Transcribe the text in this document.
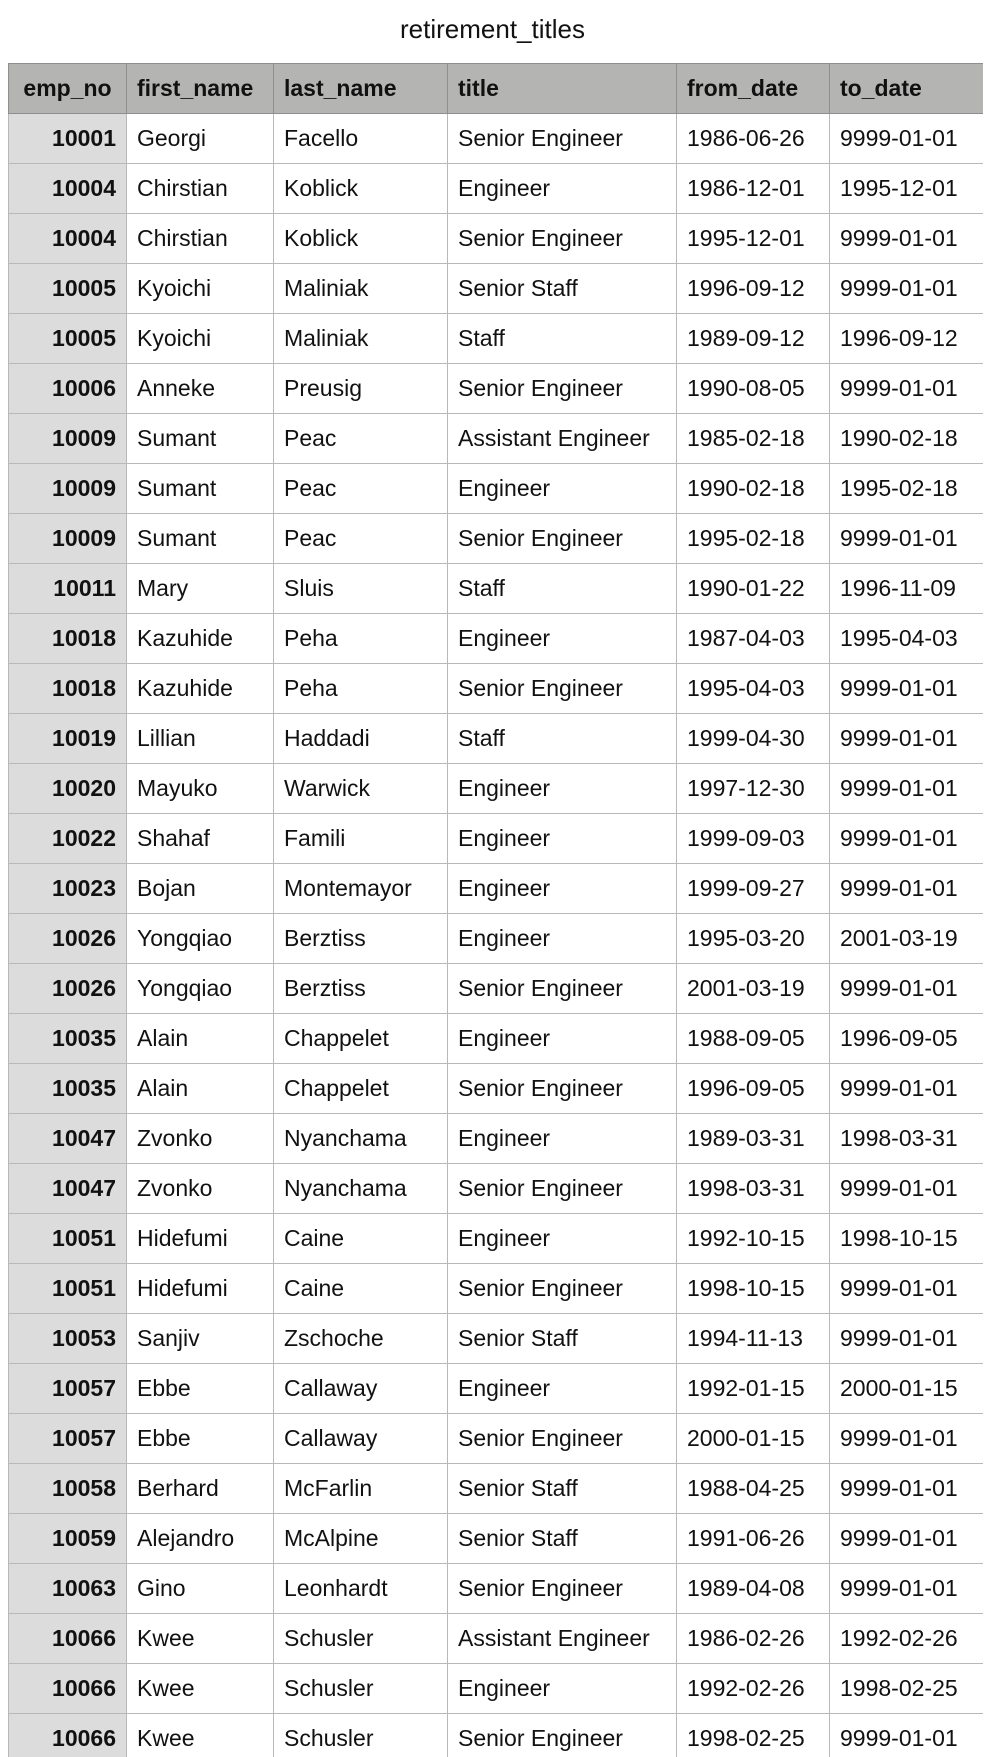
retirement_titles
emp_no	first_name	last_name	title	from_date	to_date
10001	Georgi	Facello	Senior Engineer	1986-06-26	9999-01-01
10004	Chirstian	Koblick	Engineer	1986-12-01	1995-12-01
10004	Chirstian	Koblick	Senior Engineer	1995-12-01	9999-01-01
10005	Kyoichi	Maliniak	Senior Staff	1996-09-12	9999-01-01
10005	Kyoichi	Maliniak	Staff	1989-09-12	1996-09-12
10006	Anneke	Preusig	Senior Engineer	1990-08-05	9999-01-01
10009	Sumant	Peac	Assistant Engineer	1985-02-18	1990-02-18
10009	Sumant	Peac	Engineer	1990-02-18	1995-02-18
10009	Sumant	Peac	Senior Engineer	1995-02-18	9999-01-01
10011	Mary	Sluis	Staff	1990-01-22	1996-11-09
10018	Kazuhide	Peha	Engineer	1987-04-03	1995-04-03
10018	Kazuhide	Peha	Senior Engineer	1995-04-03	9999-01-01
10019	Lillian	Haddadi	Staff	1999-04-30	9999-01-01
10020	Mayuko	Warwick	Engineer	1997-12-30	9999-01-01
10022	Shahaf	Famili	Engineer	1999-09-03	9999-01-01
10023	Bojan	Montemayor	Engineer	1999-09-27	9999-01-01
10026	Yongqiao	Berztiss	Engineer	1995-03-20	2001-03-19
10026	Yongqiao	Berztiss	Senior Engineer	2001-03-19	9999-01-01
10035	Alain	Chappelet	Engineer	1988-09-05	1996-09-05
10035	Alain	Chappelet	Senior Engineer	1996-09-05	9999-01-01
10047	Zvonko	Nyanchama	Engineer	1989-03-31	1998-03-31
10047	Zvonko	Nyanchama	Senior Engineer	1998-03-31	9999-01-01
10051	Hidefumi	Caine	Engineer	1992-10-15	1998-10-15
10051	Hidefumi	Caine	Senior Engineer	1998-10-15	9999-01-01
10053	Sanjiv	Zschoche	Senior Staff	1994-11-13	9999-01-01
10057	Ebbe	Callaway	Engineer	1992-01-15	2000-01-15
10057	Ebbe	Callaway	Senior Engineer	2000-01-15	9999-01-01
10058	Berhard	McFarlin	Senior Staff	1988-04-25	9999-01-01
10059	Alejandro	McAlpine	Senior Staff	1991-06-26	9999-01-01
10063	Gino	Leonhardt	Senior Engineer	1989-04-08	9999-01-01
10066	Kwee	Schusler	Assistant Engineer	1986-02-26	1992-02-26
10066	Kwee	Schusler	Engineer	1992-02-26	1998-02-25
10066	Kwee	Schusler	Senior Engineer	1998-02-25	9999-01-01
